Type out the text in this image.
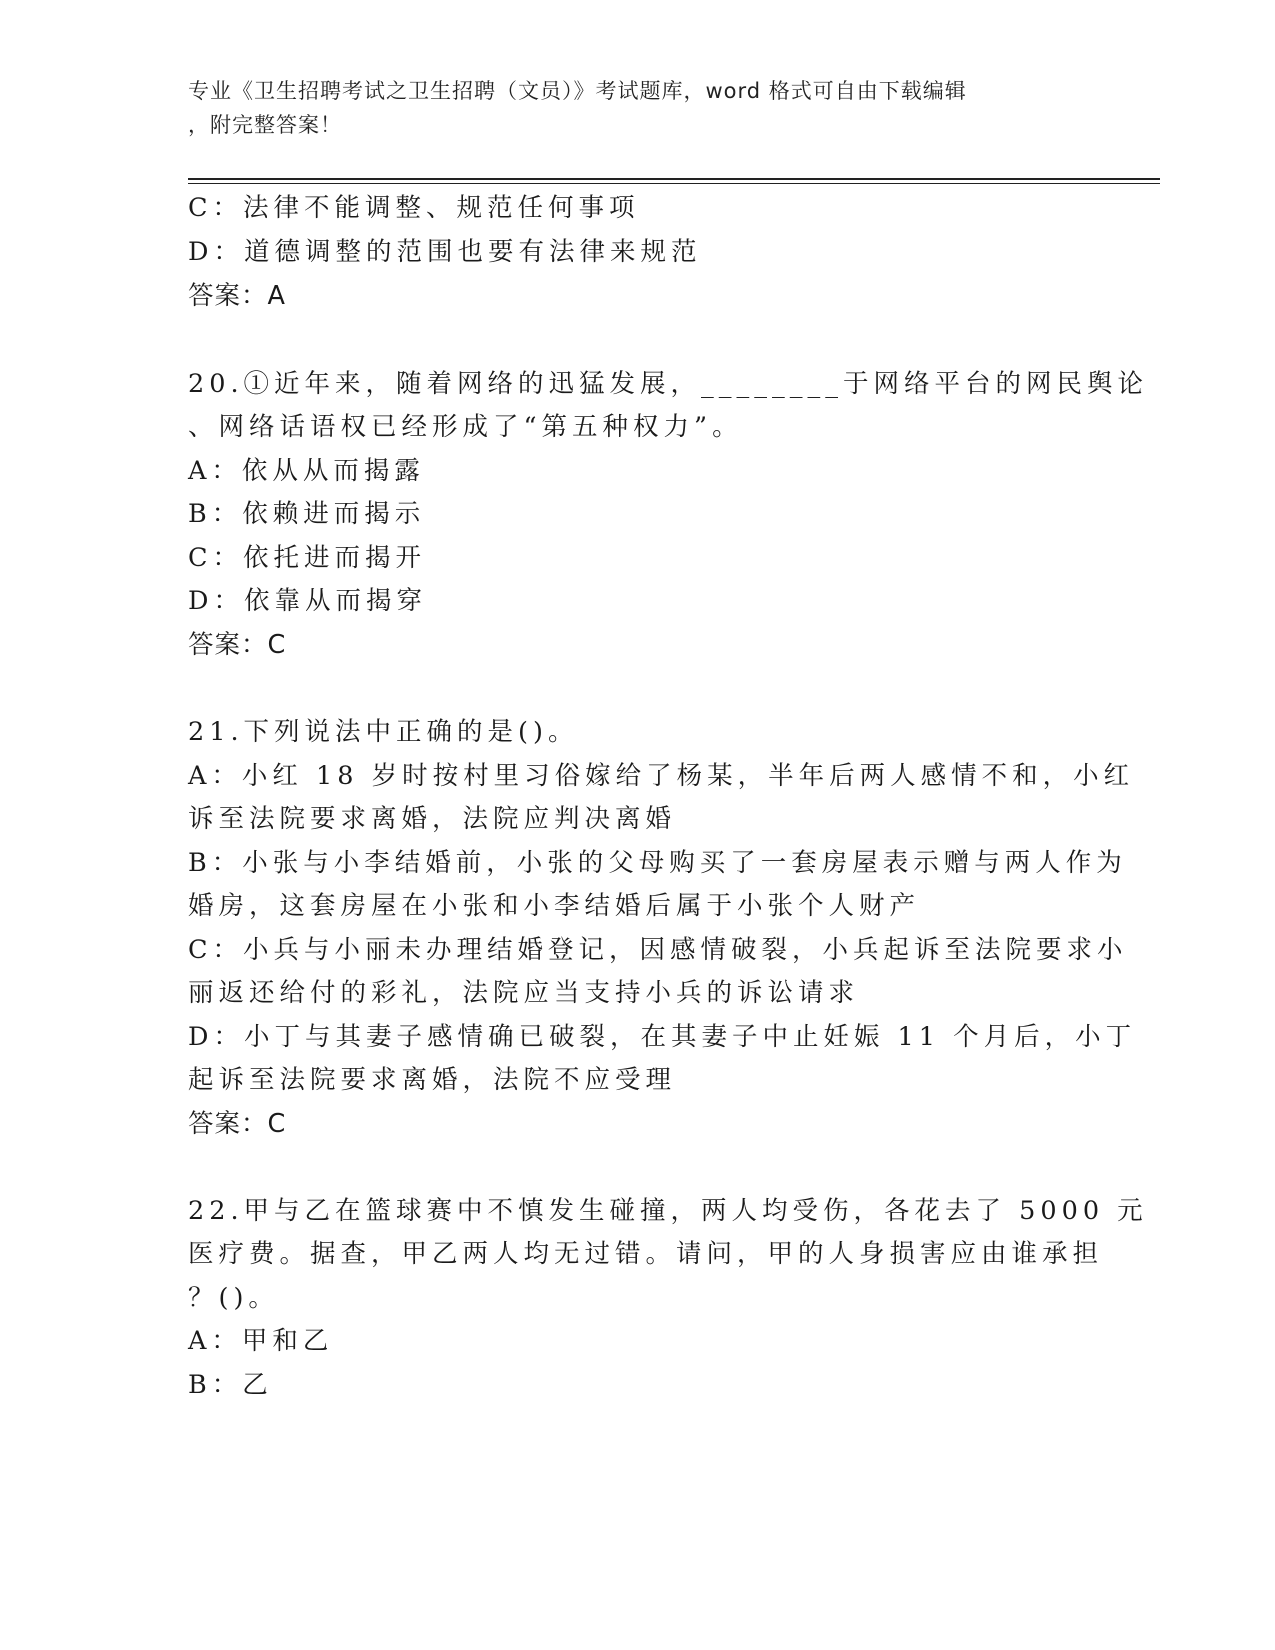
专业《卫生招聘考试之卫生招聘（文员）》考试题库，word 格式可自由下载编辑
，附完整答案！
C：法律不能调整、规范任何事项
D：道德调整的范围也要有法律来规范
答案：A
20.①近年来，随着网络的迅猛发展，________于网络平台的网民舆论
、网络话语权已经形成了“第五种权力”。
A：依从从而揭露
B：依赖进而揭示
C：依托进而揭开
D：依靠从而揭穿
答案：C
21.下列说法中正确的是()。
A：小红 18 岁时按村里习俗嫁给了杨某，半年后两人感情不和，小红
诉至法院要求离婚，法院应判决离婚
B：小张与小李结婚前，小张的父母购买了一套房屋表示赠与两人作为
婚房，这套房屋在小张和小李结婚后属于小张个人财产
C：小兵与小丽未办理结婚登记，因感情破裂，小兵起诉至法院要求小
丽返还给付的彩礼，法院应当支持小兵的诉讼请求
D：小丁与其妻子感情确已破裂，在其妻子中止妊娠 11 个月后，小丁
起诉至法院要求离婚，法院不应受理
答案：C
22.甲与乙在篮球赛中不慎发生碰撞，两人均受伤，各花去了 5000 元
医疗费。据查，甲乙两人均无过错。请问，甲的人身损害应由谁承担
？()。
A：甲和乙
B：乙
